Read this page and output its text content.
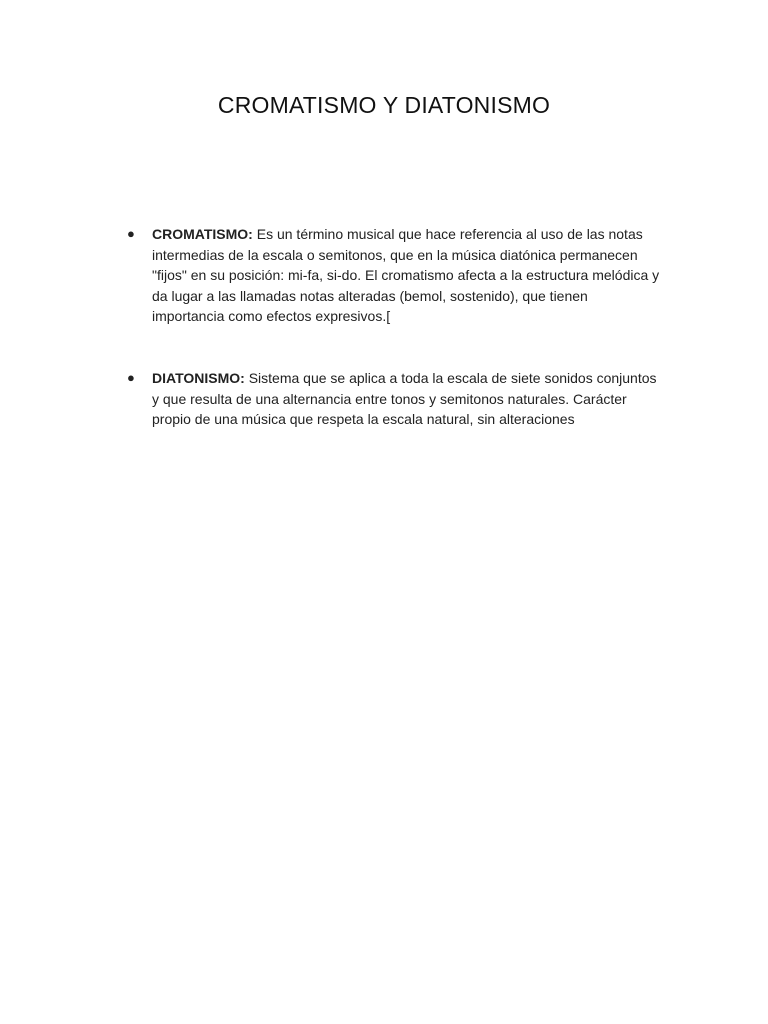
CROMATISMO Y DIATONISMO
● CROMATISMO: Es un término musical que hace referencia al uso de las notas intermedias de la escala o semitonos, que en la música diatónica permanecen "fijos" en su posición: mi-fa, si-do. El cromatismo afecta a la estructura melódica y da lugar a las llamadas notas alteradas (bemol, sostenido), que tienen importancia como efectos expresivos.[
● DIATONISMO: Sistema que se aplica a toda la escala de siete sonidos conjuntos y que resulta de una alternancia entre tonos y semitonos naturales. Carácter propio de una música que respeta la escala natural, sin alteraciones
